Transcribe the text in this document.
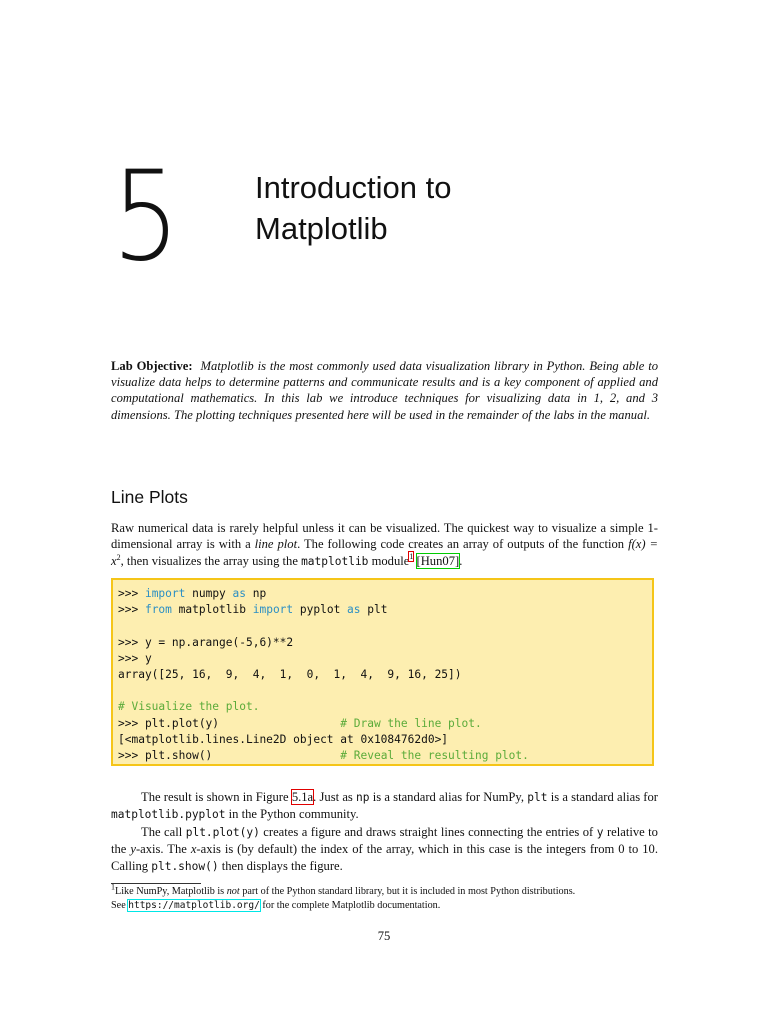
5	Introduction to
Matplotlib
Lab Objective: Matplotlib is the most commonly used data visualization library in Python. Being able to visualize data helps to determine patterns and communicate results and is a key component of applied and computational mathematics. In this lab we introduce techniques for visualizing data in 1, 2, and 3 dimensions. The plotting techniques presented here will be used in the remainder of the labs in the manual.
Line Plots

Raw numerical data is rarely helpful unless it can be visualized. The quickest way to visualize a simple 1-dimensional array is with a line plot. The following code creates an array of outputs of the function $f(x) = x^2$, then visualizes the array using the matplotlib module$^1$ [Hun07].

>>> import numpy as np
>>> from matplotlib import pyplot as plt
>>> y = np.arange(-5,6)**2
>>> y
array([25, 16,  9,  4,  1,  0,  1,  4,  9, 16, 25])
# Visualize the plot.
>>> plt.plot(y)                  # Draw the line plot.
[<matplotlib.lines.Line2D object at 0x1084762d0>]
>>> plt.show()                   # Reveal the resulting plot.

The result is shown in Figure 5.1a. Just as np is a standard alias for NumPy, plt is a standard alias for matplotlib.pyplot in the Python community.

The call plt.plot(y) creates a figure and draws straight lines connecting the entries of y relative to the y-axis. The x-axis is (by default) the index of the array, which in this case is the integers from 0 to 10. Calling plt.show() then displays the figure.

$^1$Like NumPy, Matplotlib is not part of the Python standard library, but it is included in most Python distributions.
See https://matplotlib.org/ for the complete Matplotlib documentation.
75
